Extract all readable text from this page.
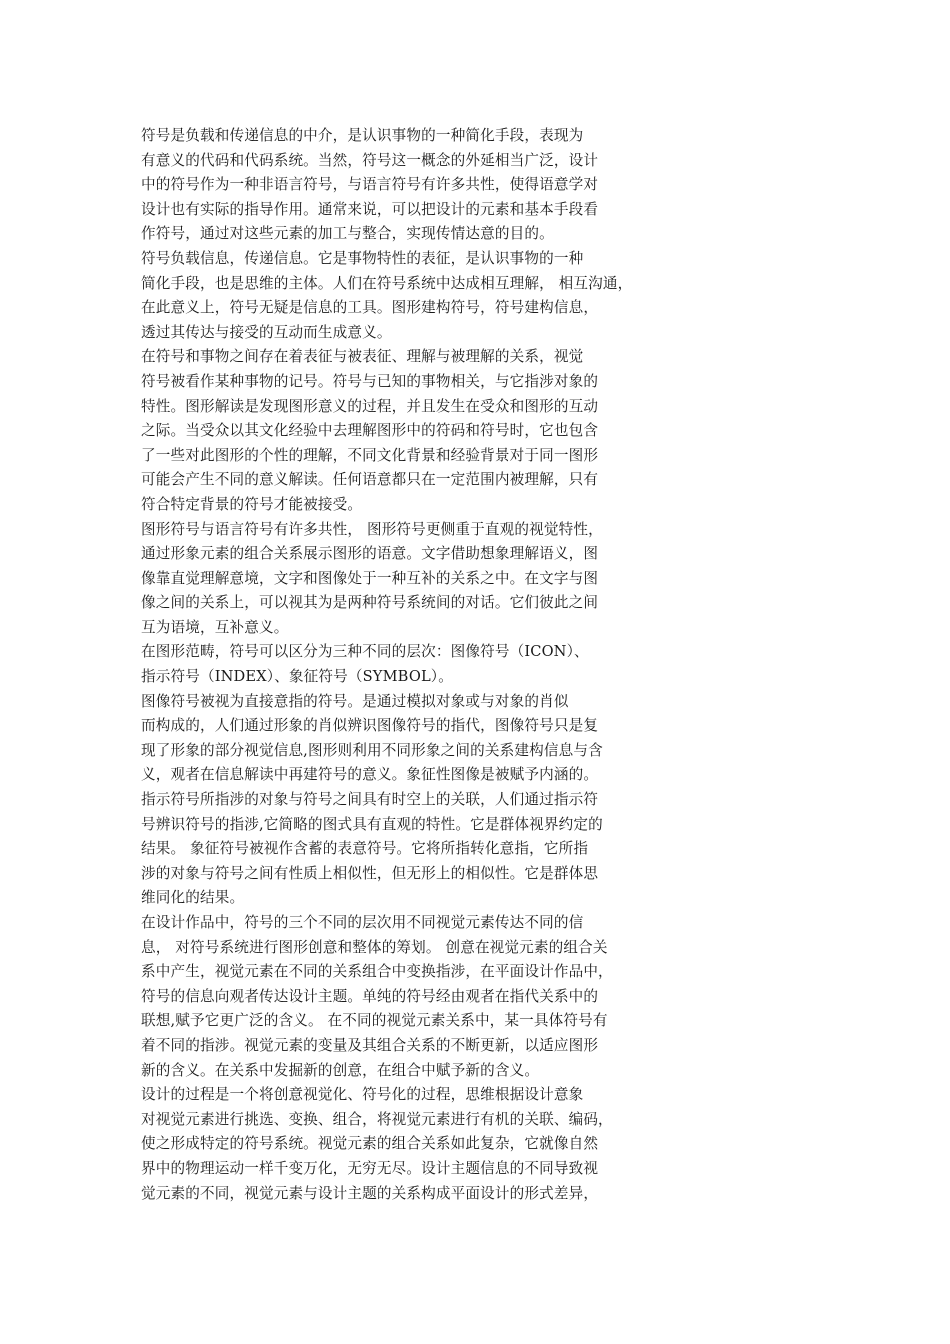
符号是负载和传递信息的中介，是认识事物的一种简化手段，表现为
有意义的代码和代码系统。当然，符号这一概念的外延相当广泛，设计
中的符号作为一种非语言符号，与语言符号有许多共性，使得语意学对
设计也有实际的指导作用。通常来说，可以把设计的元素和基本手段看
作符号，通过对这些元素的加工与整合，实现传情达意的目的。
符号负载信息，传递信息。它是事物特性的表征，是认识事物的一种
简化手段，也是思维的主体。人们在符号系统中达成相互理解， 相互沟通，
在此意义上，符号无疑是信息的工具。图形建构符号，符号建构信息，
透过其传达与接受的互动而生成意义。
在符号和事物之间存在着表征与被表征、理解与被理解的关系，视觉
符号被看作某种事物的记号。符号与已知的事物相关，与它指涉对象的
特性。图形解读是发现图形意义的过程，并且发生在受众和图形的互动
之际。当受众以其文化经验中去理解图形中的符码和符号时，它也包含
了一些对此图形的个性的理解，不同文化背景和经验背景对于同一图形
可能会产生不同的意义解读。任何语意都只在一定范围内被理解，只有
符合特定背景的符号才能被接受。
图形符号与语言符号有许多共性， 图形符号更侧重于直观的视觉特性，
通过形象元素的组合关系展示图形的语意。文字借助想象理解语义，图
像靠直觉理解意境，文字和图像处于一种互补的关系之中。在文字与图
像之间的关系上，可以视其为是两种符号系统间的对话。它们彼此之间
互为语境，互补意义。
在图形范畴，符号可以区分为三种不同的层次：图像符号（ICON）、
指示符号（INDEX）、象征符号（SYMBOL）。
图像符号被视为直接意指的符号。是通过模拟对象或与对象的肖似
而构成的，人们通过形象的肖似辨识图像符号的指代，图像符号只是复
现了形象的部分视觉信息,图形则利用不同形象之间的关系建构信息与含
义，观者在信息解读中再建符号的意义。象征性图像是被赋予内涵的。
指示符号所指涉的对象与符号之间具有时空上的关联，人们通过指示符
号辨识符号的指涉,它简略的图式具有直观的特性。它是群体视界约定的
结果。 象征符号被视作含蓄的表意符号。它将所指转化意指，它所指
涉的对象与符号之间有性质上相似性，但无形上的相似性。它是群体思
维同化的结果。
在设计作品中，符号的三个不同的层次用不同视觉元素传达不同的信
息， 对符号系统进行图形创意和整体的筹划。 创意在视觉元素的组合关
系中产生，视觉元素在不同的关系组合中变换指涉，在平面设计作品中，
符号的信息向观者传达设计主题。单纯的符号经由观者在指代关系中的
联想,赋予它更广泛的含义。 在不同的视觉元素关系中，某一具体符号有
着不同的指涉。视觉元素的变量及其组合关系的不断更新，以适应图形
新的含义。在关系中发掘新的创意，在组合中赋予新的含义。
设计的过程是一个将创意视觉化、符号化的过程，思维根据设计意象
对视觉元素进行挑选、变换、组合，将视觉元素进行有机的关联、编码，
使之形成特定的符号系统。视觉元素的组合关系如此复杂，它就像自然
界中的物理运动一样千变万化，无穷无尽。设计主题信息的不同导致视
觉元素的不同，视觉元素与设计主题的关系构成平面设计的形式差异，
